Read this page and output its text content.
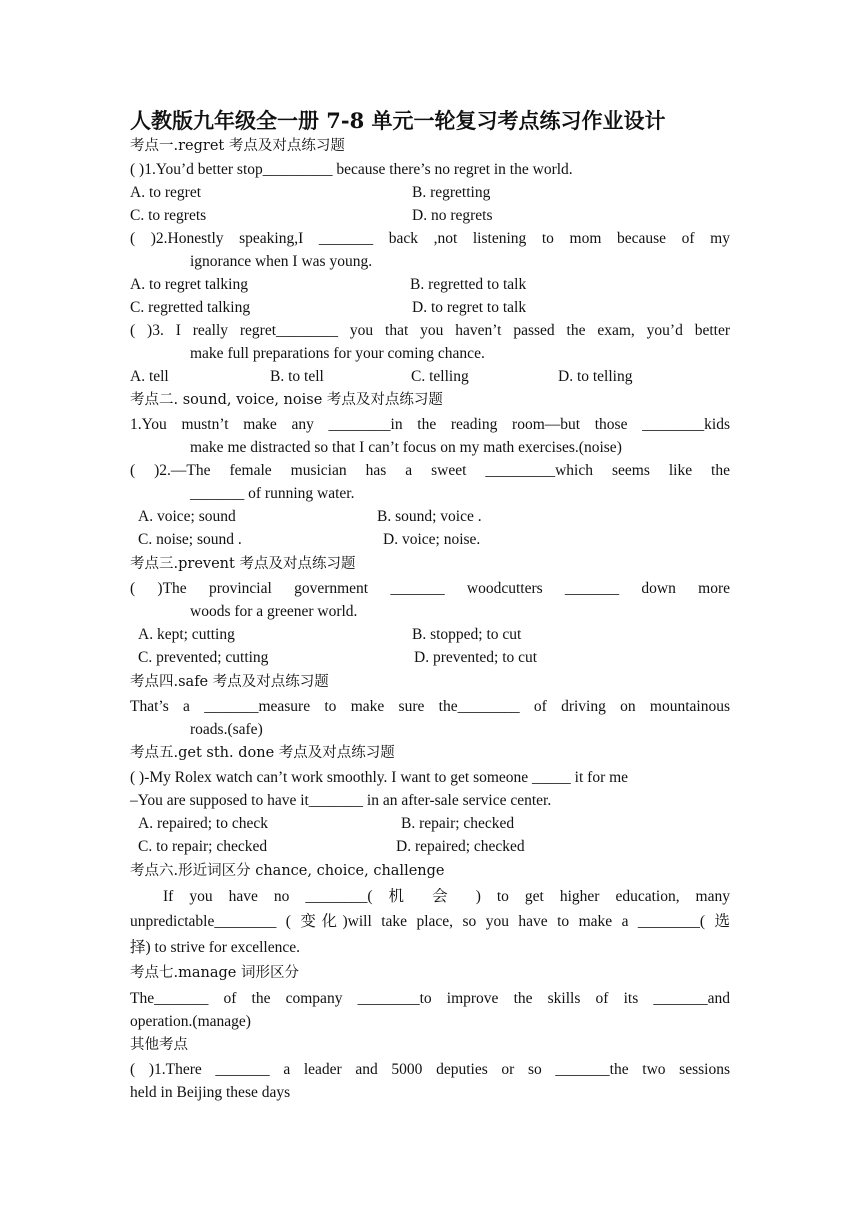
人教版九年级全一册 7-8 单元一轮复习考点练习作业设计
考点一.regret 考点及对点练习题
( )1.You’d better stop_________ because there’s no regret in the world.
A. to regret	B. regretting
C. to regrets	D. no regrets
( )2.Honestly speaking,I _______ back ,not listening to mom because of my
ignorance when I was young.
A. to regret talking	B. regretted to talk
C. regretted talking	D. to regret to talk
( )3. I really regret________ you that you haven’t passed the exam, you’d better
make full preparations for your coming chance.
A. tell	B. to tell	C. telling	D. to telling
考点二. sound, voice, noise 考点及对点练习题
1.You mustn’t make any ________in the reading room—but those ________kids
make me distracted so that I can’t focus on my math exercises.(noise)
( )2.—The female musician has a sweet _________which seems like the
_______ of running water.
A. voice; sound	B. sound; voice .
C. noise; sound .	D. voice; noise.
考点三.prevent 考点及对点练习题
( )The provincial government _______ woodcutters _______ down more
woods for a greener world.
A. kept; cutting	B. stopped; to cut
C. prevented; cutting	D. prevented; to cut
考点四.safe 考点及对点练习题
That’s a _______measure to make sure the________ of driving on mountainous
roads.(safe)
考点五.get sth. done 考点及对点练习题
( )-My Rolex watch can’t work smoothly. I want to get someone _____ it for me
–You are supposed to have it_______ in an after-sale service center.
A. repaired; to check	B. repair; checked
C. to repair; checked	D. repaired; checked
考点六.形近词区分 chance, choice, challenge
If you have no ________( 机 会 ) to get higher education, many
unpredictable________ ( 变化)will take place, so you have to make a ________( 选
择) to strive for excellence.
考点七.manage 词形区分
The_______ of the company ________to improve the skills of its _______and
operation.(manage)
其他考点
( )1.There _______ a leader and 5000 deputies or so _______the two sessions
held in Beijing these days
